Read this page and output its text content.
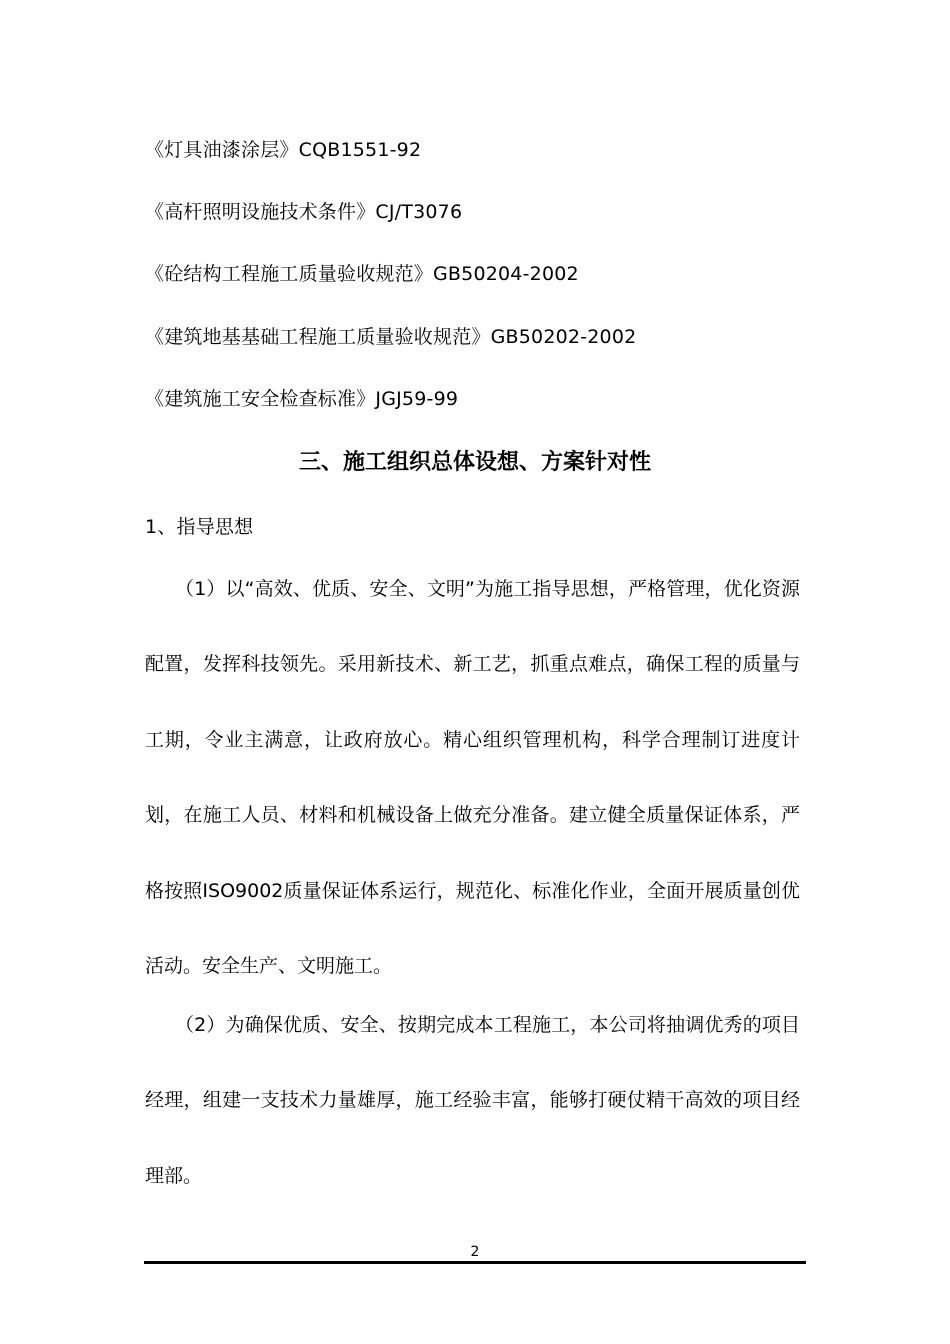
《灯具油漆涂层》CQB1551-92
《高杆照明设施技术条件》CJ/T3076
《砼结构工程施工质量验收规范》GB50204-2002
《建筑地基基础工程施工质量验收规范》GB50202-2002
《建筑施工安全检查标准》JGJ59-99
三、施工组织总体设想、方案针对性
1、指导思想

（1）以“高效、优质、安全、文明”为施工指导思想，严格管理，优化资源配置，发挥科技领先。采用新技术、新工艺，抓重点难点，确保工程的质量与工期，令业主满意，让政府放心。精心组织管理机构，科学合理制订进度计划，在施工人员、材料和机械设备上做充分准备。建立健全质量保证体系，严格按照ISO9002质量保证体系运行，规范化、标准化作业，全面开展质量创优活动。安全生产、文明施工。

（2）为确保优质、安全、按期完成本工程施工，本公司将抽调优秀的项目经理，组建一支技术力量雄厚，施工经验丰富，能够打硬仗精干高效的项目经理部。

2
